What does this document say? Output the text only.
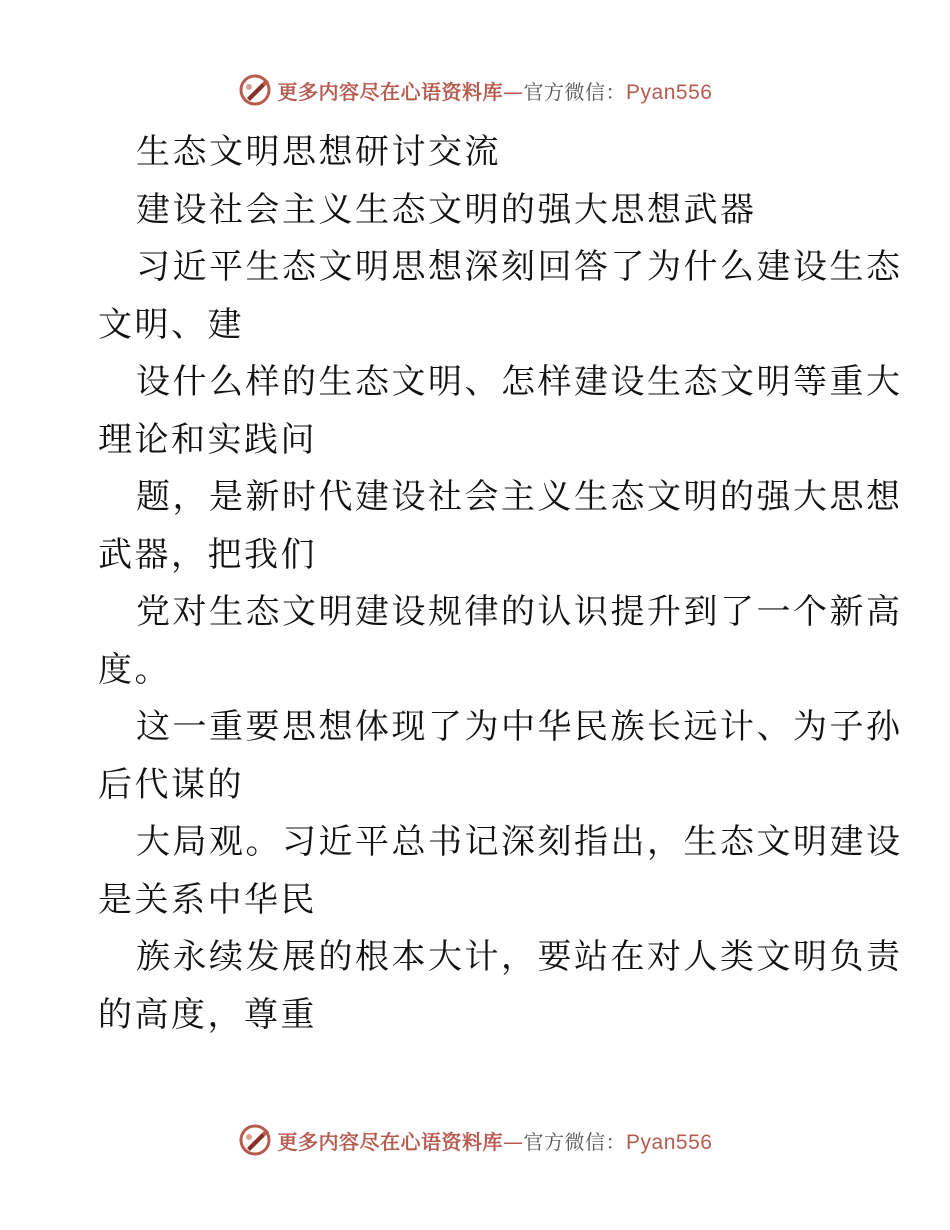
更多内容尽在心语资料库—官方微信：Pyan556
生态文明思想研讨交流
建设社会主义生态文明的强大思想武器
习近平生态文明思想深刻回答了为什么建设生态
文明、建
设什么样的生态文明、怎样建设生态文明等重大
理论和实践问
题，是新时代建设社会主义生态文明的强大思想
武器，把我们
党对生态文明建设规律的认识提升到了一个新高
度。
这一重要思想体现了为中华民族长远计、为子孙
后代谋的
大局观。习近平总书记深刻指出，生态文明建设
是关系中华民
族永续发展的根本大计，要站在对人类文明负责
的高度，尊重
更多内容尽在心语资料库—官方微信：Pyan556
